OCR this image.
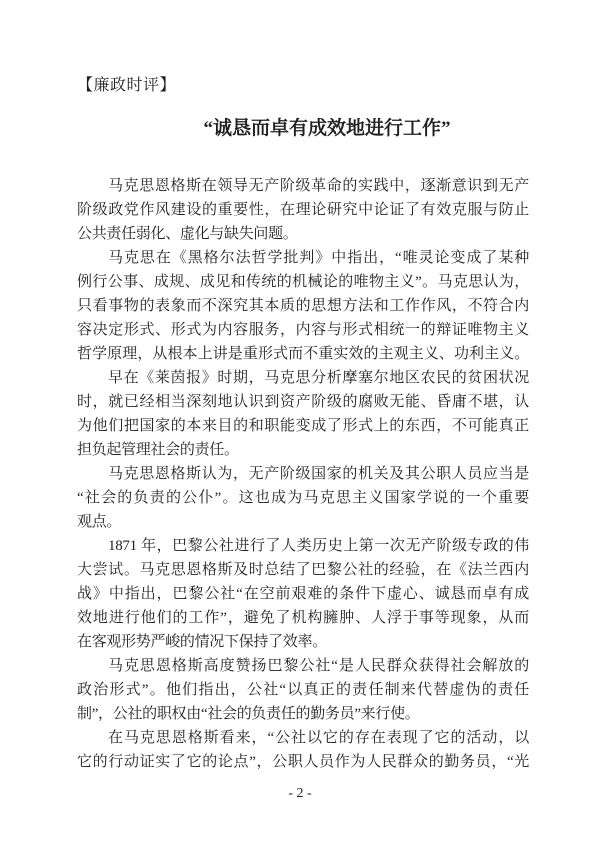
【廉政时评】
“诚恳而卓有成效地进行工作”
马克思恩格斯在领导无产阶级革命的实践中，逐渐意识到无产
阶级政党作风建设的重要性，在理论研究中论证了有效克服与防止
公共责任弱化、虚化与缺失问题。
马克思在《黑格尔法哲学批判》中指出，“唯灵论变成了某种
例行公事、成规、成见和传统的机械论的唯物主义”。马克思认为，
只看事物的表象而不深究其本质的思想方法和工作作风，不符合内
容决定形式、形式为内容服务，内容与形式相统一的辩证唯物主义
哲学原理，从根本上讲是重形式而不重实效的主观主义、功利主义。
早在《莱茵报》时期，马克思分析摩塞尔地区农民的贫困状况
时，就已经相当深刻地认识到资产阶级的腐败无能、昏庸不堪，认
为他们把国家的本来目的和职能变成了形式上的东西，不可能真正
担负起管理社会的责任。
马克思恩格斯认为，无产阶级国家的机关及其公职人员应当是
“社会的负责的公仆”。这也成为马克思主义国家学说的一个重要
观点。
1871 年，巴黎公社进行了人类历史上第一次无产阶级专政的伟
大尝试。马克思恩格斯及时总结了巴黎公社的经验，在《法兰西内
战》中指出，巴黎公社“在空前艰难的条件下虚心、诚恳而卓有成
效地进行他们的工作”，避免了机构臃肿、人浮于事等现象，从而
在客观形势严峻的情况下保持了效率。
马克思恩格斯高度赞扬巴黎公社“是人民群众获得社会解放的
政治形式”。他们指出，公社“以真正的责任制来代替虚伪的责任
制”，公社的职权由“社会的负责任的勤务员”来行使。
在马克思恩格斯看来，“公社以它的存在表现了它的活动，以
它的行动证实了它的论点”，公职人员作为人民群众的勤务员，“光
- 2 -
